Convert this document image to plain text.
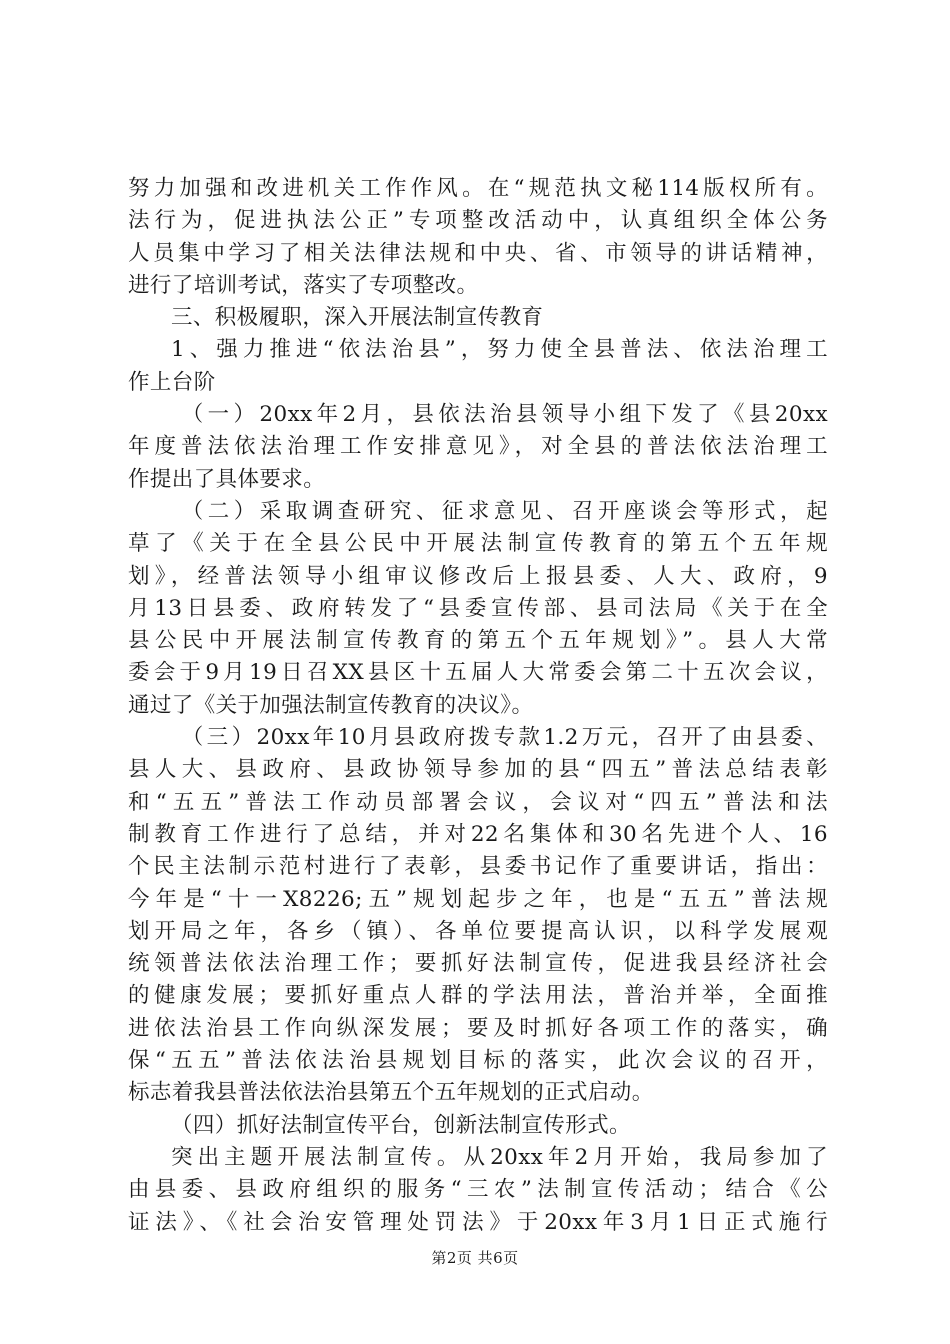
努力加强和改进机关工作作风。在“规范执文秘114版权所有。
法行为，促进执法公正”专项整改活动中，认真组织全体公务
人员集中学习了相关法律法规和中央、省、市领导的讲话精神，
进行了培训考试，落实了专项整改。
三、积极履职，深入开展法制宣传教育
1、强力推进“依法治县”，努力使全县普法、依法治理工
作上台阶
（一）20xx年2月，县依法治县领导小组下发了《县20xx
年度普法依法治理工作安排意见》，对全县的普法依法治理工
作提出了具体要求。
（二）采取调查研究、征求意见、召开座谈会等形式，起
草了《关于在全县公民中开展法制宣传教育的第五个五年规
划》，经普法领导小组审议修改后上报县委、人大、政府，9
月13日县委、政府转发了“县委宣传部、县司法局《关于在全
县公民中开展法制宣传教育的第五个五年规划》”。县人大常
委会于9月19日召XX县区十五届人大常委会第二十五次会议，
通过了《关于加强法制宣传教育的决议》。
（三）20xx年10月县政府拨专款1.2万元，召开了由县委、
县人大、县政府、县政协领导参加的县“四五”普法总结表彰
和“五五”普法工作动员部署会议，会议对“四五”普法和法
制教育工作进行了总结，并对22名集体和30名先进个人、16
个民主法制示范村进行了表彰，县委书记作了重要讲话，指出：
今年是“十一X8226;五”规划起步之年，也是“五五”普法规
划开局之年，各乡（镇）、各单位要提高认识，以科学发展观
统领普法依法治理工作；要抓好法制宣传，促进我县经济社会
的健康发展；要抓好重点人群的学法用法，普治并举，全面推
进依法治县工作向纵深发展；要及时抓好各项工作的落实，确
保“五五”普法依法治县规划目标的落实，此次会议的召开，
标志着我县普法依法治县第五个五年规划的正式启动。
（四）抓好法制宣传平台，创新法制宣传形式。
突出主题开展法制宣传。从20xx年2月开始，我局参加了
由县委、县政府组织的服务“三农”法制宣传活动；结合《公
证法》、《社会治安管理处罚法》于20xx年3月1日正式施行
第2页 共6页
